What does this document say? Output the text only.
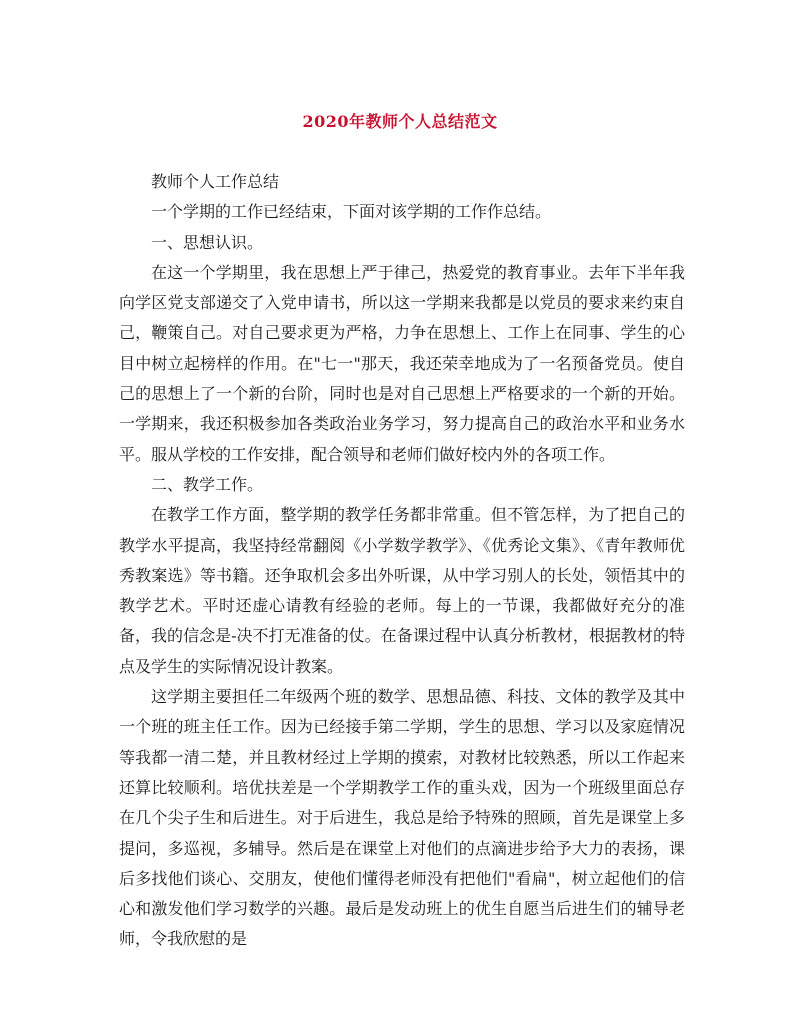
2020年教师个人总结范文

教师个人工作总结

一个学期的工作已经结束，下面对该学期的工作作总结。

一、思想认识。

在这一个学期里，我在思想上严于律己，热爱党的教育事业。去年下半年我向学区党支部递交了入党申请书，所以这一学期来我都是以党员的要求来约束自己，鞭策自己。对自己要求更为严格，力争在思想上、工作上在同事、学生的心目中树立起榜样的作用。在"七一"那天，我还荣幸地成为了一名预备党员。使自己的思想上了一个新的台阶，同时也是对自己思想上严格要求的一个新的开始。一学期来，我还积极参加各类政治业务学习，努力提高自己的政治水平和业务水平。服从学校的工作安排，配合领导和老师们做好校内外的各项工作。

二、教学工作。

在教学工作方面，整学期的教学任务都非常重。但不管怎样，为了把自己的教学水平提高，我坚持经常翻阅《小学数学教学》、《优秀论文集》、《青年教师优秀教案选》等书籍。还争取机会多出外听课，从中学习别人的长处，领悟其中的教学艺术。平时还虚心请教有经验的老师。每上的一节课，我都做好充分的准备，我的信念是-决不打无准备的仗。在备课过程中认真分析教材，根据教材的特点及学生的实际情况设计教案。

这学期主要担任二年级两个班的数学、思想品德、科技、文体的教学及其中一个班的班主任工作。因为已经接手第二学期，学生的思想、学习以及家庭情况等我都一清二楚，并且教材经过上学期的摸索，对教材比较熟悉，所以工作起来还算比较顺利。培优扶差是一个学期教学工作的重头戏，因为一个班级里面总存在几个尖子生和后进生。对于后进生，我总是给予特殊的照顾，首先是课堂上多提问，多巡视，多辅导。然后是在课堂上对他们的点滴进步给予大力的表扬，课后多找他们谈心、交朋友，使他们懂得老师没有把他们"看扁"，树立起他们的信心和激发他们学习数学的兴趣。最后是发动班上的优生自愿当后进生们的辅导老师，令我欣慰的是
